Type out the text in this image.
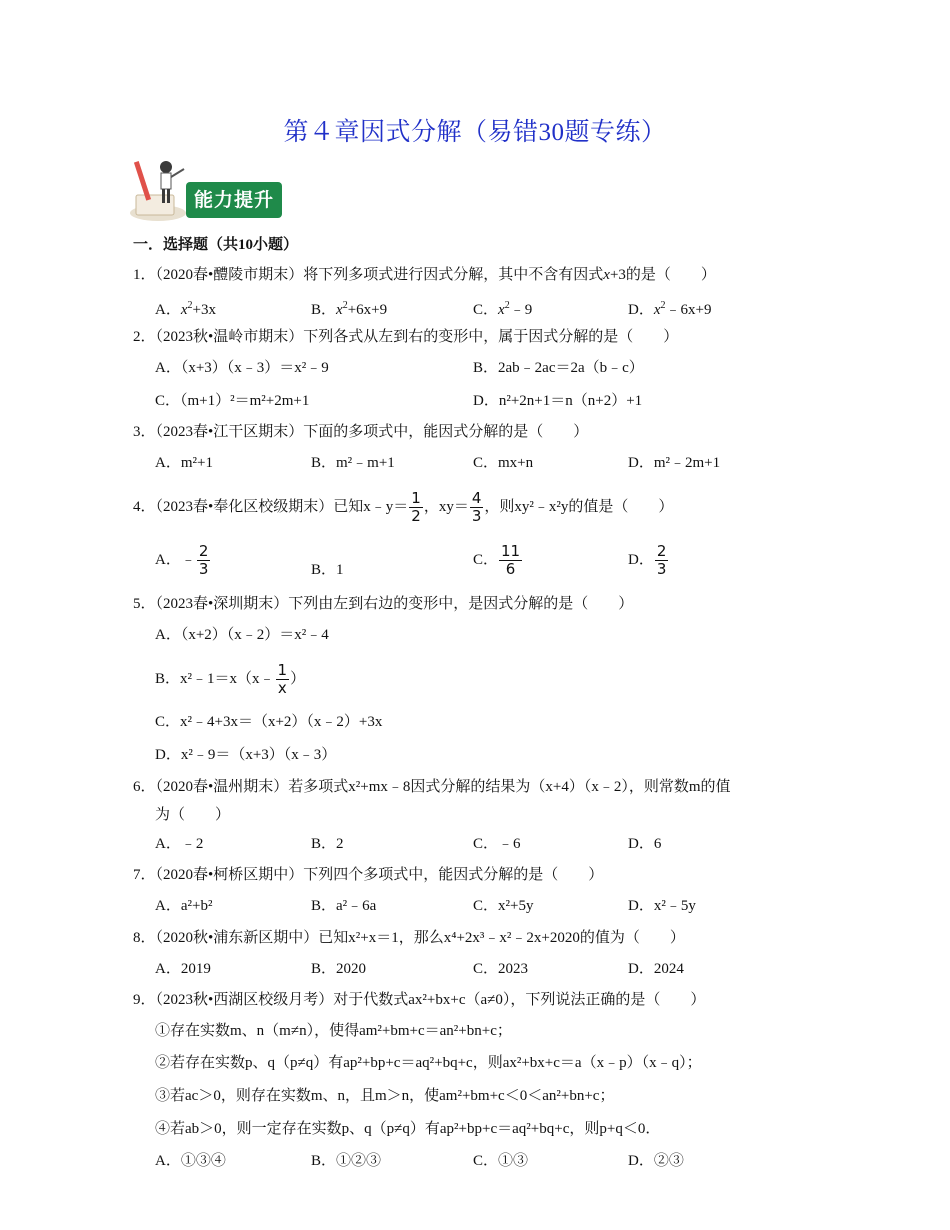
第４章因式分解（易错30题专练）
能力提升
一．选择题（共10小题）
1．（2020春•醴陵市期末）将下列多项式进行因式分解，其中不含有因式x+3的是（　　）
A．$x^2+3x$	B．$x^2+6x+9$	C．$x^2﹣9$	D．$x^2﹣6x+9$
2．（2023秋•温岭市期末）下列各式从左到右的变形中，属于因式分解的是（　　）
A．（x+3）（x﹣3）＝x²﹣9	B．2ab﹣2ac＝2a（b﹣c）
C．（m+1）²＝m²+2m+1	D．n²+2n+1＝n（n+2）+1
3．（2023春•江干区期末）下面的多项式中，能因式分解的是（　　）
A．m²+1	B．m²﹣m+1	C．mx+n	D．m²﹣2m+1
4．（2023春•奉化区校级期末）已知x﹣y＝ $\frac{1}{2}$ ，$xy= \frac{4}{3}$ ，则xy²﹣x²y的值是（　　）
A．﹣ $\frac{2}{3}$	B．1
C． $\frac{11}{6}$	D． $\frac{2}{3}$
5．（2023春•深圳期末）下列由左到右边的变形中，是因式分解的是（　　）
A．（x+2）（x﹣2）＝x²﹣4
B．x²﹣1＝x（x﹣ $\frac{1}{x}$ ）
C．x²﹣4+3x＝（x+2）（x﹣2）+3x
D．x²﹣9＝（x+3）（x﹣3）
6．（2020春•温州期末）若多项式x²+mx﹣8因式分解的结果为（x+4）（x﹣2），则常数m的值
为（　　）
A．﹣2	B．2	C．﹣6	D．6
7．（2020春•柯桥区期中）下列四个多项式中，能因式分解的是（　　）
A．a²+b²	B．a²﹣6a	C．x²+5y	D．x²﹣5y
8．（2020秋•浦东新区期中）已知x²+x＝1，那么x⁴+2x³﹣x²﹣2x+2020的值为（　　）
A．2019	B．2020	C．2023	D．2024
9．（2023秋•西湖区校级月考）对于代数式ax²+bx+c（a≠0），下列说法正确的是（　　）
①存在实数m、n（m≠n），使得am²+bm+c＝an²+bn+c；
②若存在实数p、q（p≠q）有ap²+bp+c＝aq²+bq+c，则ax²+bx+c＝a（x﹣p）（x﹣q）；
③若ac＞0，则存在实数m、n，且m＞n，使am²+bm+c＜0＜an²+bn+c；
④若ab＞0，则一定存在实数p、q（p≠q）有ap²+bp+c＝aq²+bq+c，则p+q＜0．
A．①③④	B．①②③	C．①③	D．②③
